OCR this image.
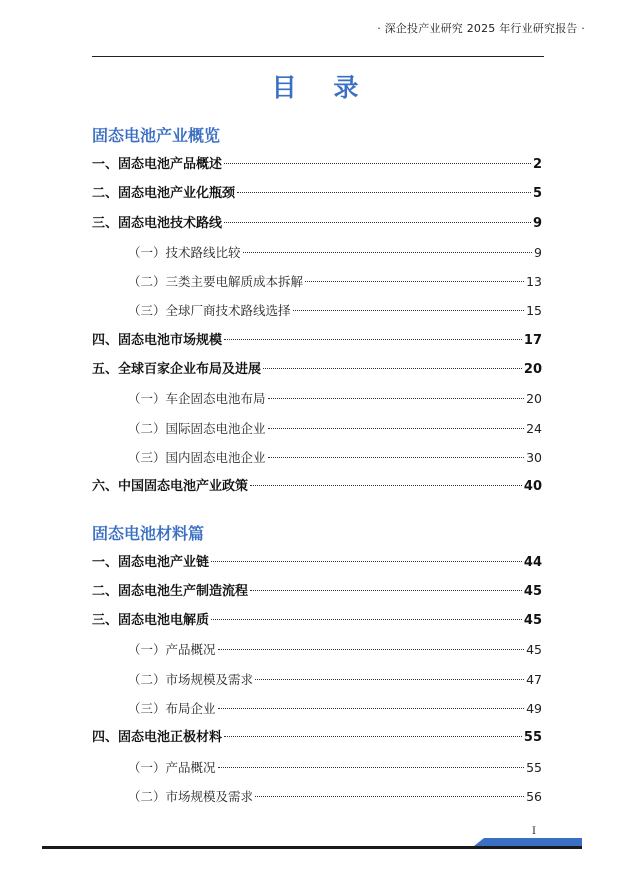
· 深企投产业研究 2025 年行业研究报告 ·
目 录
固态电池产业概览
一、固态电池产品概述	2
二、固态电池产业化瓶颈	5
三、固态电池技术路线	9
（一）技术路线比较	9
（二）三类主要电解质成本拆解	13
（三）全球厂商技术路线选择	15
四、固态电池市场规模	17
五、全球百家企业布局及进展	20
（一）车企固态电池布局	20
（二）国际固态电池企业	24
（三）国内固态电池企业	30
六、中国固态电池产业政策	40
固态电池材料篇
一、固态电池产业链	44
二、固态电池生产制造流程	45
三、固态电池电解质	45
（一）产品概况	45
（二）市场规模及需求	47
（三）布局企业	49
四、固态电池正极材料	55
（一）产品概况	55
（二）市场规模及需求	56
I
